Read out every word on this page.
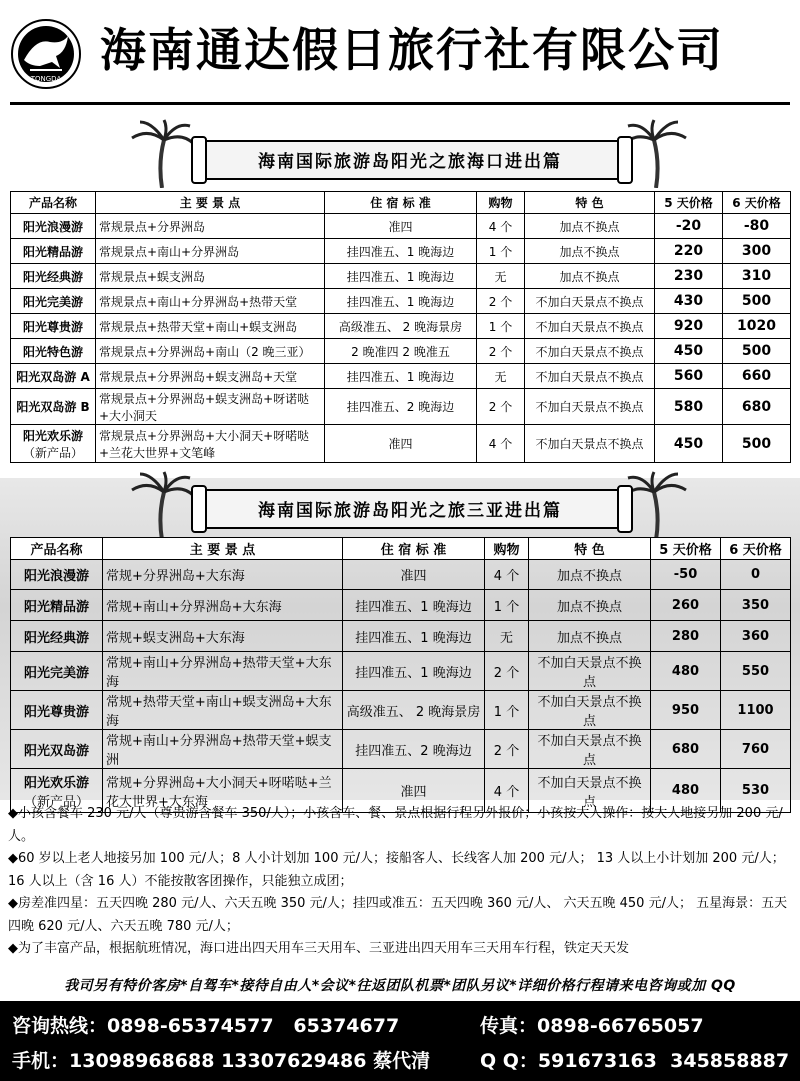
TONGDA
海南通达假日旅行社有限公司
海南国际旅游岛阳光之旅海口进出篇
产品名称	主 要 景 点	住 宿 标 准	购物	特 色	5 天价格	6 天价格
阳光浪漫游	常规景点+分界洲岛	准四	4 个	加点不换点	-20	-80
阳光精品游	常规景点+南山+分界洲岛	挂四准五、1 晚海边	1 个	加点不换点	220	300
阳光经典游	常规景点+蜈支洲岛	挂四准五、1 晚海边	无	加点不换点	230	310
阳光完美游	常规景点+南山+分界洲岛+热带天堂	挂四准五、1 晚海边	2 个	不加白天景点不换点	430	500
阳光尊贵游	常规景点+热带天堂+南山+蜈支洲岛	高级准五、 2 晚海景房	1 个	不加白天景点不换点	920	1020
阳光特色游	常规景点+分界洲岛+南山（2 晚三亚）	2 晚准四 2 晚准五	2 个	不加白天景点不换点	450	500
阳光双岛游 A	常规景点+分界洲岛+蜈支洲岛+天堂	挂四准五、1 晚海边	无	不加白天景点不换点	560	660
阳光双岛游 B	常规景点+分界洲岛+蜈支洲岛+呀诺哒+大小洞天	挂四准五、2 晚海边	2 个	不加白天景点不换点	580	680

阳光欢乐游
（新产品）	常规景点+分界洲岛+大小洞天+呀喏哒+兰花大世界+文笔峰	准四	4 个	不加白天景点不换点	450	500
海南国际旅游岛阳光之旅三亚进出篇
产品名称	主 要 景 点	住 宿 标 准	购物	特 色	5 天价格	6 天价格
阳光浪漫游	常规+分界洲岛+大东海	准四	4 个	加点不换点	-50	0
阳光精品游	常规+南山+分界洲岛+大东海	挂四准五、1 晚海边	1 个	加点不换点	260	350
阳光经典游	常规+蜈支洲岛+大东海	挂四准五、1 晚海边	无	加点不换点	280	360
阳光完美游	常规+南山+分界洲岛+热带天堂+大东海	挂四准五、1 晚海边	2 个	不加白天景点不换点	480	550
阳光尊贵游	常规+热带天堂+南山+蜈支洲岛+大东海	高级准五、 2 晚海景房	1 个	不加白天景点不换点	950	1100
阳光双岛游	常规+南山+分界洲岛+热带天堂+蜈支洲	挂四准五、2 晚海边	2 个	不加白天景点不换点	680	760

阳光欢乐游
（新产品）	常规+分界洲岛+大小洞天+呀喏哒+兰花大世界+大东海	准四	4 个	不加白天景点不换点	480	530

◆小孩含餐车 230 元/人（尊贵游含餐车 350/人）；小孩含车、餐、景点根据行程另外报价；小孩按大人操作：按大人地接另加 200 元/人。

◆60 岁以上老人地接另加 100 元/人；8 人小计划加 100 元/人；接船客人、长线客人加 200 元/人； 13 人以上小计划加 200 元/人；16 人以上（含 16 人）不能按散客团操作，只能独立成团；

◆房差准四星：五天四晚 280 元/人、六天五晚 350 元/人；挂四或准五：五天四晚 360 元/人、 六天五晚 450 元/人； 五星海景：五天四晚 620 元/人、六天五晚 780 元/人；

◆为了丰富产品，根据航班情况，海口进出四天用车三天用车、三亚进出四天用车三天用车行程，铁定天天发

我司另有特价客房*自驾车*接待自由人*会议*往返团队机票*团队另议*详细价格行程请来电咨询或加 QQ
咨询热线：0898-65374577 65374677	传真：0898-66765057
手机：13098968688 13307629486 蔡代清	Q Q：591673163 345858887
